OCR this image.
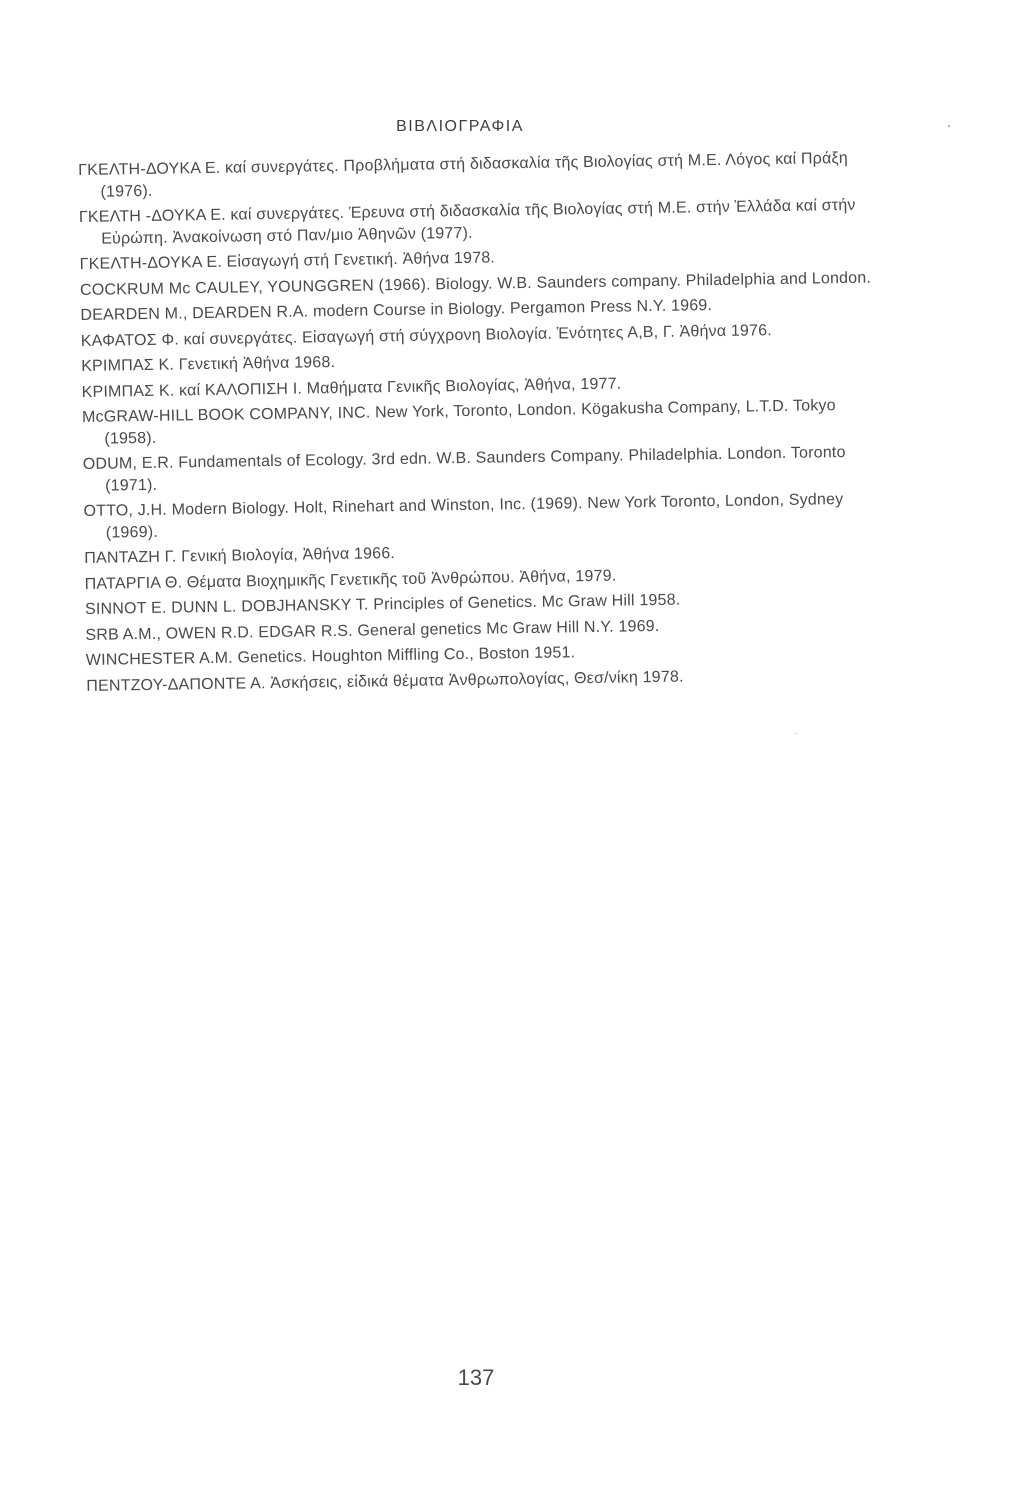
ΒΙΒΛΙΟΓΡΑΦΙΑ

ΓΚΕΛΤΗ-ΔΟΥΚΑ Ε. καί συνεργάτες. Προβλήματα στή διδασκαλία τῆς Βιολογίας στή Μ.Ε. Λόγος καί Πράξη (1976).

ΓΚΕΛΤΗ -ΔΟΥΚΑ Ε. καί συνεργάτες. Έρευνα στή διδασκαλία τῆς Βιολογίας στή Μ.Ε. στήν Ἑλλάδα καί στήν Εὐρώπη. Ἀνακοίνωση στό Παν/μιο Ἀθηνῶν (1977).

ΓΚΕΛΤΗ-ΔΟΥΚΑ Ε. Εἰσαγωγή στή Γενετική. Ἀθήνα 1978.

COCKRUM Mc CAULEY, YOUNGGREN (1966). Biology. W.B. Saunders company. Philadelphia and London.

DEARDEN M., DEARDEN R.A. modern Course in Biology. Pergamon Press N.Y. 1969.

ΚΑΦΑΤΟΣ Φ. καί συνεργάτες. Εἰσαγωγή στή σύγχρονη Βιολογία. Ἑνότητες Α,Β, Γ. Ἀθήνα 1976.

ΚΡΙΜΠΑΣ Κ. Γενετική Ἀθήνα 1968.

ΚΡΙΜΠΑΣ Κ. καί ΚΑΛΟΠΙΣΗ Ι. Μαθήματα Γενικῆς Βιολογίας, Ἀθήνα, 1977.

McGRAW-HILL BOOK COMPANY, INC. New York, Toronto, London. Kögakusha Company, L.T.D. Tokyo (1958).

ODUM, E.R. Fundamentals of Ecology. 3rd edn. W.B. Saunders Company. Philadelphia. London. Toronto (1971).

OTTO, J.H. Modern Biology. Holt, Rinehart and Winston, Inc. (1969). New York Toronto, London, Sydney (1969).

ΠΑΝΤΑΖΗ Γ. Γενική Βιολογία, Ἀθήνα 1966.

ΠΑΤΑΡΓΙΑ Θ. Θέματα Βιοχημικῆς Γενετικῆς τοῦ Ἀνθρώπου. Ἀθήνα, 1979.

SINNOT E. DUNN L. DOBJHANSKY T. Principles of Genetics. Mc Graw Hill 1958.

SRB A.M., OWEN R.D. EDGAR R.S. General genetics Mc Graw Hill N.Y. 1969.

WINCHESTER A.M. Genetics. Houghton Miffling Co., Boston 1951.

ΠΕΝΤΖΟΥ-ΔΑΠΟΝΤΕ Α. Ἀσκήσεις, εἰδικά θέματα Ἀνθρωπολογίας, Θεσ/νίκη 1978.

137
